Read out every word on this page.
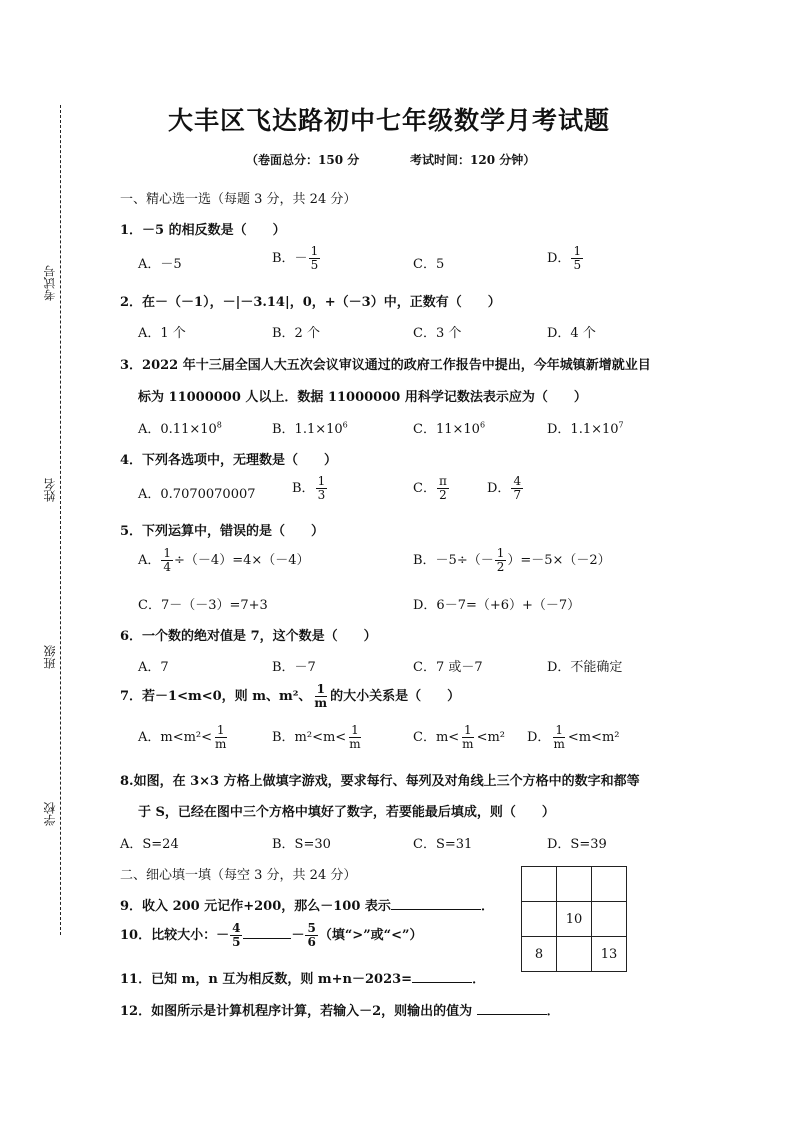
考试号
姓名
班级
学校
大丰区飞达路初中七年级数学月考试题
（卷面总分：150 分	考试时间：120 分钟）
一、精心选一选（每题 3 分，共 24 分）
1．－5 的相反数是（　　）
A．－5	B．－ $\frac{1}{5}$	C．5	D． $\frac{1}{5}$
2．在－（－1），－|－3.14|，0，+（－3）中，正数有（　　）
A．1 个	B．2 个	C．3 个	D．4 个
3．2022 年十三届全国人大五次会议审议通过的政府工作报告中提出，今年城镇新增就业目
标为 11000000 人以上．数据 11000000 用科学记数法表示应为（　　）
A．$0.11\times 10^8$	B．$1.1\times 10^6$	C．$11\times 10^6$	D．$1.1\times 10^7$
4．下列各选项中，无理数是（　　）
A．0.7070070007	B． $\frac{1}{3}$	C． $\frac{\pi}{2}$	D． $\frac{4}{7}$
5．下列运算中，错误的是（　　）
A． $\frac{1}{4} \div(-4)=4\times(-4)$	B．$-5\div(- \frac{1}{2} )=-5\times(-2)$
C．7－（－3）=7+3	D．6－7=（+6）+（－7）
6．一个数的绝对值是 7，这个数是（　　）
A．7	B．－7	C．7 或－7	D．不能确定
7．若－1<m<0，则 m、m²、 $\frac{1}{m}$ 的大小关系是（　　）
A．$m<m^2< \frac{1}{m}$	B．$m^2<m< \frac{1}{m}$	C．$m< \frac{1}{m} <m^2$ D． $\frac{1}{m} <m<m^2$
8.如图，在 3×3 方格上做填字游戏，要求每行、每列及对角线上三个方格中的数字和都等
于 S，已经在图中三个方格中填好了数字，若要能最后填成，则（　　）
A．S=24	B．S=30	C．S=31	D．S=39

	10	
8		13
二、细心填一填（每空 3 分，共 24 分）
9．收入 200 元记作+200，那么－100 表示	．
10．比较大小：－ $\frac{4}{5}$	－ $\frac{5}{6}$ （填“>”或“<”）
11．已知 m，n 互为相反数，则 m+n－2023=	．
12．如图所示是计算机程序计算，若输入－2，则输出的值为	．
